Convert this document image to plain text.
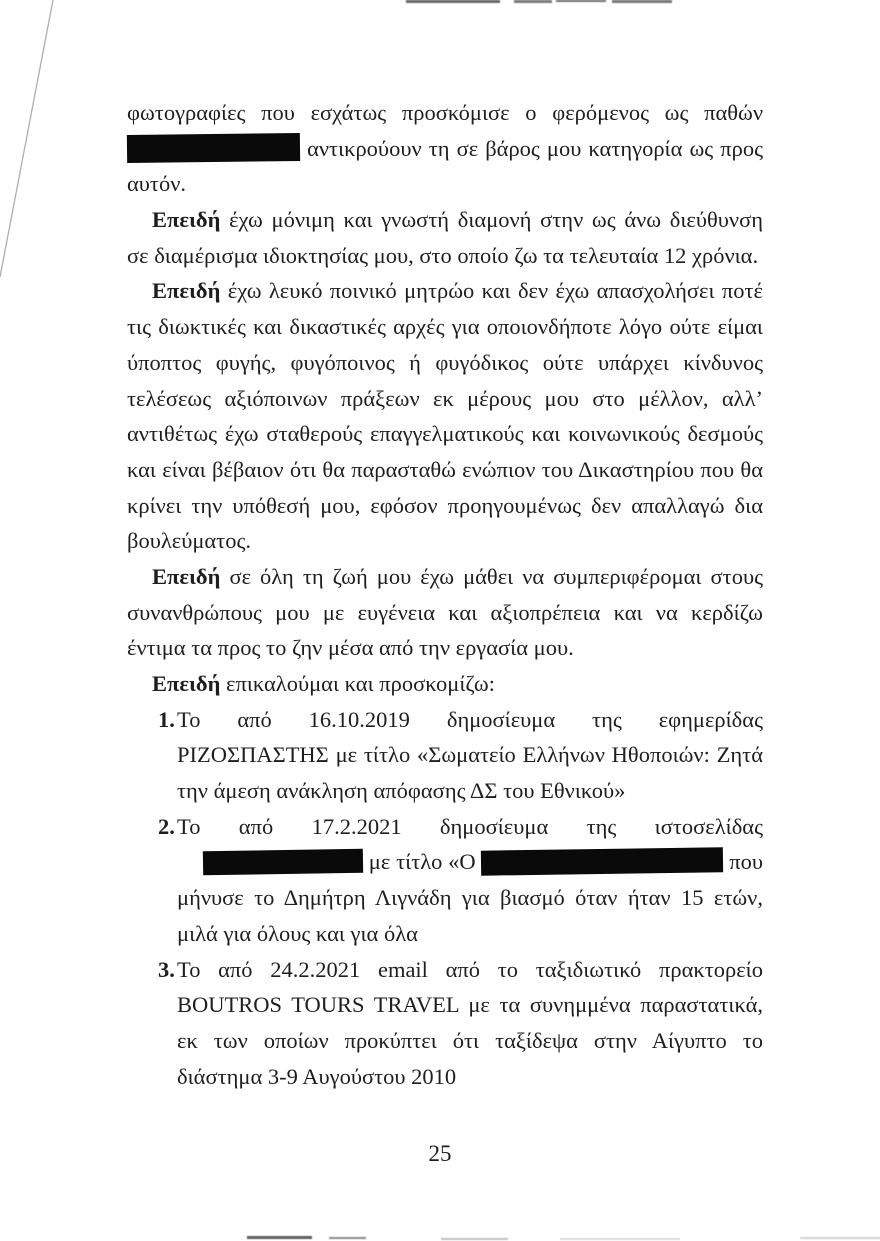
φωτογραφίες που εσχάτως προσκόμισε ο φερόμενος ως παθών
αντικρούουν τη σε βάρος μου κατηγορία ως προς
αυτόν.
Επειδή έχω μόνιμη και γνωστή διαμονή στην ως άνω διεύθυνση
σε διαμέρισμα ιδιοκτησίας μου, στο οποίο ζω τα τελευταία 12 χρόνια.
Επειδή έχω λευκό ποινικό μητρώο και δεν έχω απασχολήσει ποτέ
τις διωκτικές και δικαστικές αρχές για οποιονδήποτε λόγο ούτε είμαι
ύποπτος φυγής, φυγόποινος ή φυγόδικος ούτε υπάρχει κίνδυνος
τελέσεως αξιόποινων πράξεων εκ μέρους μου στο μέλλον, αλλ’
αντιθέτως έχω σταθερούς επαγγελματικούς και κοινωνικούς δεσμούς
και είναι βέβαιον ότι θα παρασταθώ ενώπιον του Δικαστηρίου που θα
κρίνει την υπόθεσή μου, εφόσον προηγουμένως δεν απαλλαγώ δια
βουλεύματος.
Επειδή σε όλη τη ζωή μου έχω μάθει να συμπεριφέρομαι στους
συνανθρώπους μου με ευγένεια και αξιοπρέπεια και να κερδίζω
έντιμα τα προς το ζην μέσα από την εργασία μου.
Επειδή επικαλούμαι και προσκομίζω:
1. Το από 16.10.2019 δημοσίευμα της εφημερίδας
ΡΙΖΟΣΠΑΣΤΗΣ με τίτλο «Σωματείο Ελλήνων Ηθοποιών: Ζητά
την άμεση ανάκληση απόφασης ΔΣ του Εθνικού»
2. Το από 17.2.2021 δημοσίευμα της ιστοσελίδας
με τίτλο «Ο	που
μήνυσε το Δημήτρη Λιγνάδη για βιασμό όταν ήταν 15 ετών,
μιλά για όλους και για όλα
3. Το από 24.2.2021 email από το ταξιδιωτικό πρακτορείο
BOUTROS TOURS TRAVEL με τα συνημμένα παραστατικά,
εκ των οποίων προκύπτει ότι ταξίδεψα στην Αίγυπτο το
διάστημα 3-9 Αυγούστου 2010
25
